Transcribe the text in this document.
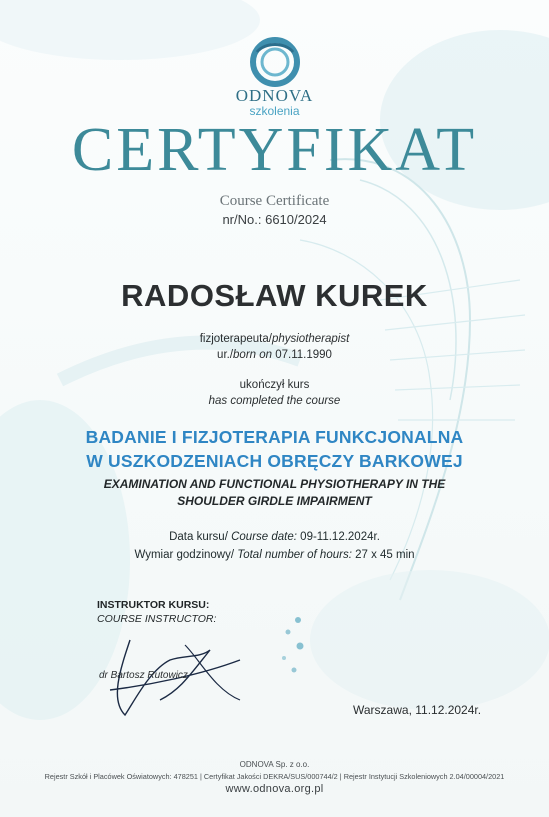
ODNOVA
szkolenia
CERTYFIKAT
Course Certificate
nr/No.: 6610/2024
RADOSŁAW KUREK
fizjoterapeuta/physiotherapist
ur./born on 07.11.1990
ukończył kurs
has completed the course
BADANIE I FIZJOTERAPIA FUNKCJONALNA
W USZKODZENIACH OBRĘCZY BARKOWEJ
EXAMINATION AND FUNCTIONAL PHYSIOTHERAPY IN THE
SHOULDER GIRDLE IMPAIRMENT
Data kursu/ Course date: 09-11.12.2024r.
Wymiar godzinowy/ Total number of hours: 27 x 45 min
INSTRUKTOR KURSU:
COURSE INSTRUCTOR:
dr Bartosz Rutowicz
Warszawa, 11.12.2024r.
ODNOVA Sp. z o.o.
Rejestr Szkół i Placówek Oświatowych: 478251 | Certyfikat Jakości DEKRA/SUS/000744/2 | Rejestr Instytucji Szkoleniowych 2.04/00004/2021
www.odnova.org.pl
